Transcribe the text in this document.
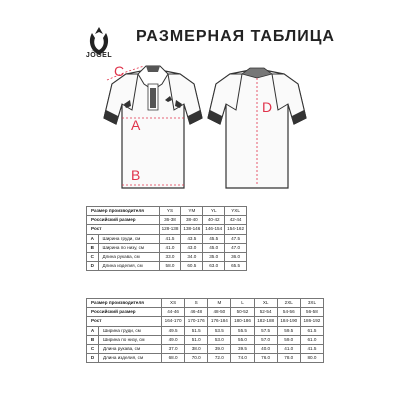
JÖGEL
РАЗМЕРНАЯ ТАБЛИЦА
C
A
B
D
Размер производителя		YS	YM	YL	YXL
Российский размер		36-38	38-40	40-42	42-44
Рост		128-138	138-146	146-154	154-162
A	Ширина груди, см	41.5	43.5	45.5	47.5
B	Ширина по низу, см	41.0	43.0	45.0	47.0
C	Длина рукава, см	33.0	34.0	35.0	36.0
D	Длина изделия, см	58.0	60.5	63.0	65.5
Размер производителя		XS	S	M	L	XL	2XL	3XL
Российский размер		44-46	46-48	48-50	50-52	52-54	54-56	56-58
Рост		164-170	170-176	176-184	180-186	182-188	184-190	186-192
A	Ширина груди, см	49.5	51.5	53.5	55.5	57.5	59.5	61.5
B	Ширина по низу, см	49.0	51.0	53.0	55.0	57.0	59.0	61.0
C	Длина рукава, см	37.0	38.0	39.0	39.5	40.0	41.0	41.5
D	Длина изделия, см	68.0	70.0	72.0	74.0	76.0	78.0	80.0
